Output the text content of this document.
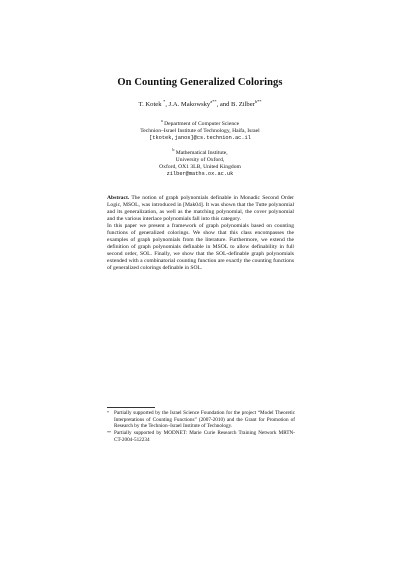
On Counting Generalized Colorings
T. Kotek *, J.A. Makowsky$^{a**}$, and B. Zilber$^{b**}$
$^a$ Department of Computer Science
Technion–Israel Institute of Technology, Haifa, Israel
[tkotek,janos]@cs.technion.ac.il
$^b$ Mathematical Institute,
University of Oxford,
Oxford, OX1 3LB, United Kingdom
zilber@maths.ox.ac.uk

Abstract. The notion of graph polynomials definable in Monadic Second Order Logic, MSOL, was introduced in [Mak04]. It was shown that the Tutte polynomial and its generalization, as well as the matching polynomial, the cover polynomial and the various interlace polynomials fall into this category.

In this paper we present a framework of graph polynomials based on counting functions of generalized colorings. We show that this class encompasses the examples of graph polynomials from the literature. Furthermore, we extend the definition of graph polynomials definable in MSOL to allow definability in full second order, SOL. Finally, we show that the SOL-definable graph polynomials extended with a combinatorial counting function are exactly the counting functions of generalized colorings definable in SOL.

* Partially supported by the Israel Science Foundation for the project “Model Theoretic Interpretations of Counting Functions” (2007-2010) and the Grant for Promotion of Research by the Technion–Israel Institute of Technology.

** Partially supported by MODNET: Marie Curie Research Training Network MRTN-CT-2004-512234
